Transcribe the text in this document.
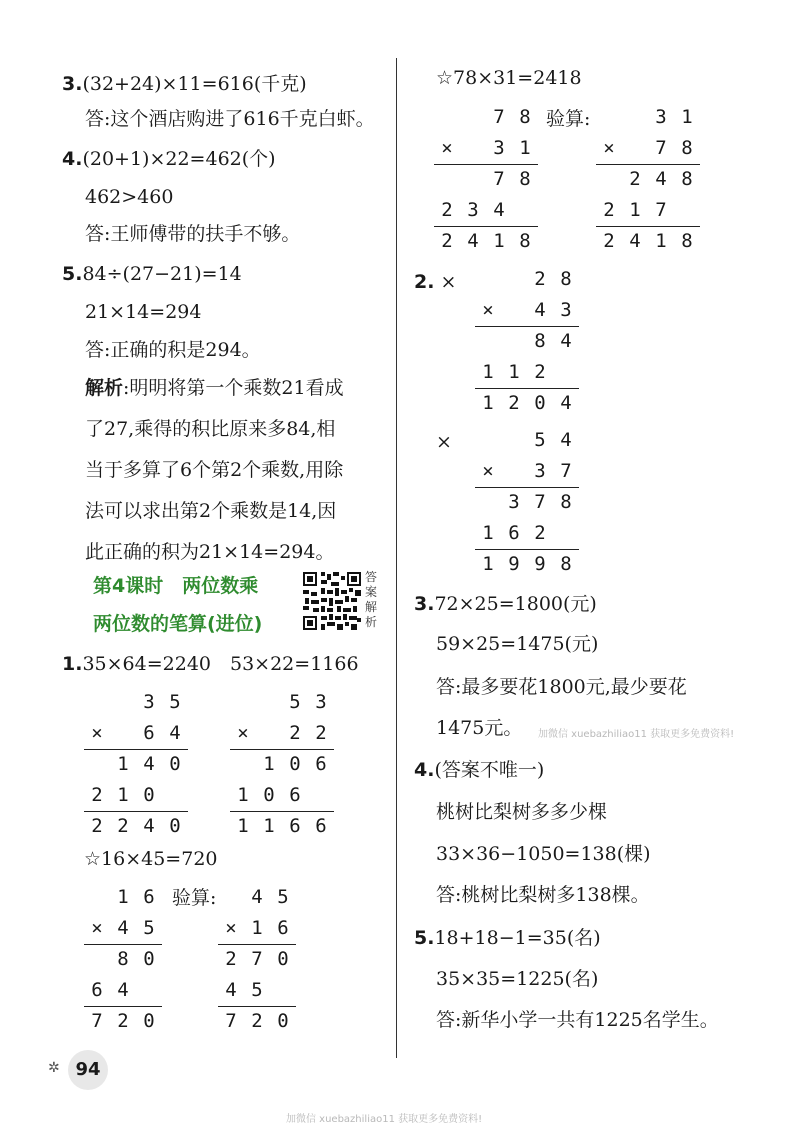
3.(32+24)×11=616(千克)
答:这个酒店购进了616千克白虾。
4.(20+1)×22=462(个)
462>460
答:王师傅带的扶手不够。
5.84÷(27−21)=14
21×14=294
答:正确的积是294。
解析:明明将第一个乘数21看成
了27,乘得的积比原来多84,相
当于多算了6个第2个乘数,用除
法可以求出第2个乘数是14,因
此正确的积为21×14=294。
第4课时　两位数乘
两位数的笔算(进位)
答案解析
1.35×64=2240 53×22=1166
3 5
×	6 4
1 4 0
2 1 0
2 2 4 0
5 3
×	2 2
1 0 6
1 0 6
1 1 6 6
☆16×45=720
验算:
1 6
× 4 5
8 0
6 4
7 2 0
4 5
× 1 6
2 7 0
4 5
7 2 0
✲ 94
☆78×31=2418
验算:
7 8
×	3 1
7 8
2 3 4
2 4 1 8
3 1
×	7 8
2 4 8
2 1 7
2 4 1 8
2. ×	2 8
×	4 3
8 4
1 1 2
1 2 0 4
×	5 4
×	3 7
3 7 8
1 6 2
1 9 9 8
3.72×25=1800(元)
59×25=1475(元)
答:最多要花1800元,最少要花
1475元。 加微信 xuebazhiliao11 获取更多免费资料!
4.(答案不唯一)
桃树比梨树多多少棵
33×36−1050=138(棵)
答:桃树比梨树多138棵。
5.18+18−1=35(名)
35×35=1225(名)
答:新华小学一共有1225名学生。
加微信 xuebazhiliao11 获取更多免费资料!
